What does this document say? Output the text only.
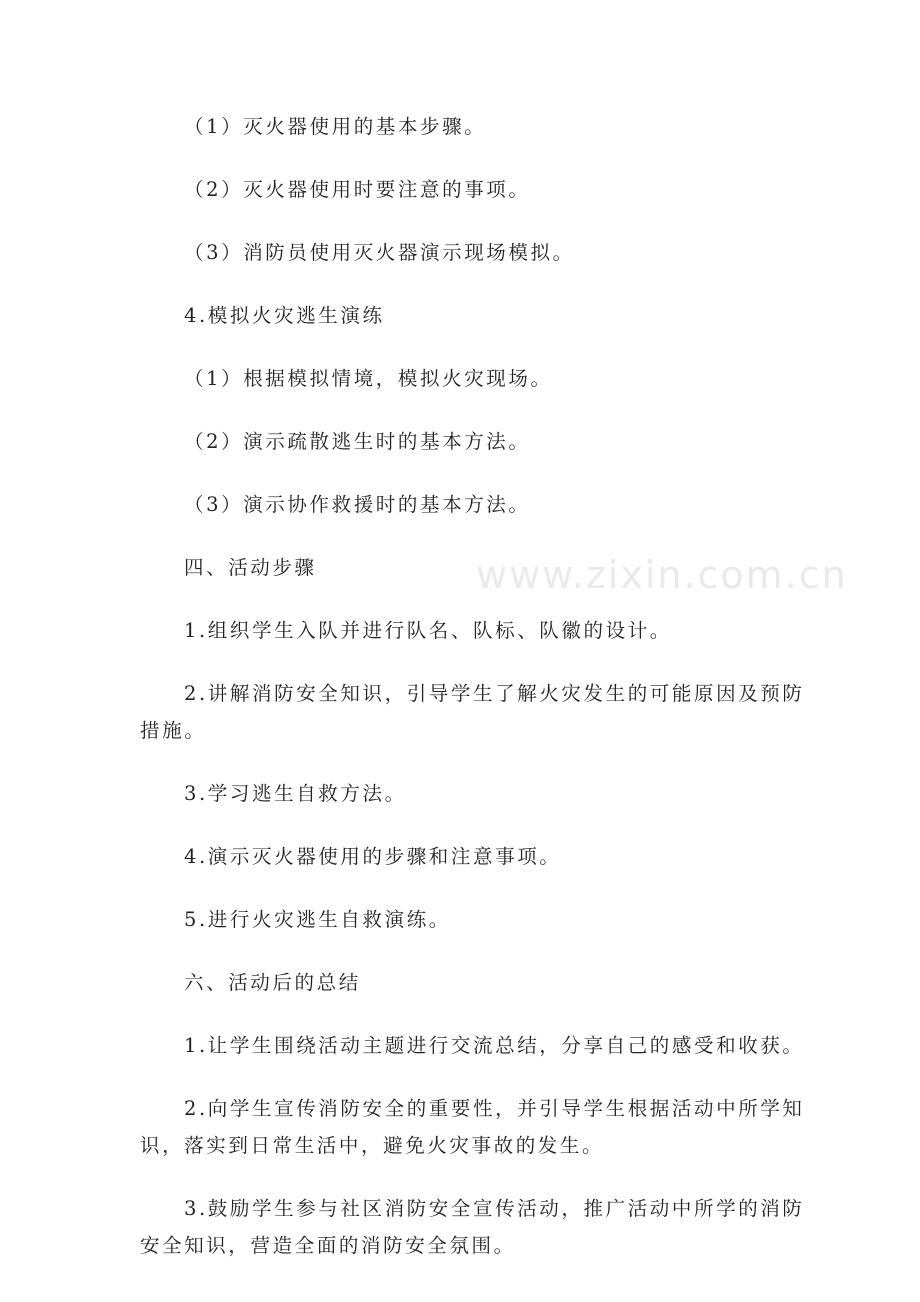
（1）灭火器使用的基本步骤。

（2）灭火器使用时要注意的事项。

（3）消防员使用灭火器演示现场模拟。

4.模拟火灾逃生演练

（1）根据模拟情境，模拟火灾现场。

（2）演示疏散逃生时的基本方法。

（3）演示协作救援时的基本方法。

四、活动步骤

1.组织学生入队并进行队名、队标、队徽的设计。

2.讲解消防安全知识，引导学生了解火灾发生的可能原因及预防措施。

3.学习逃生自救方法。

4.演示灭火器使用的步骤和注意事项。

5.进行火灾逃生自救演练。

六、活动后的总结

1.让学生围绕活动主题进行交流总结，分享自己的感受和收获。

2.向学生宣传消防安全的重要性，并引导学生根据活动中所学知识，落实到日常生活中，避免火灾事故的发生。

3.鼓励学生参与社区消防安全宣传活动，推广活动中所学的消防安全知识，营造全面的消防安全氛围。

www.zixin.com.cn
